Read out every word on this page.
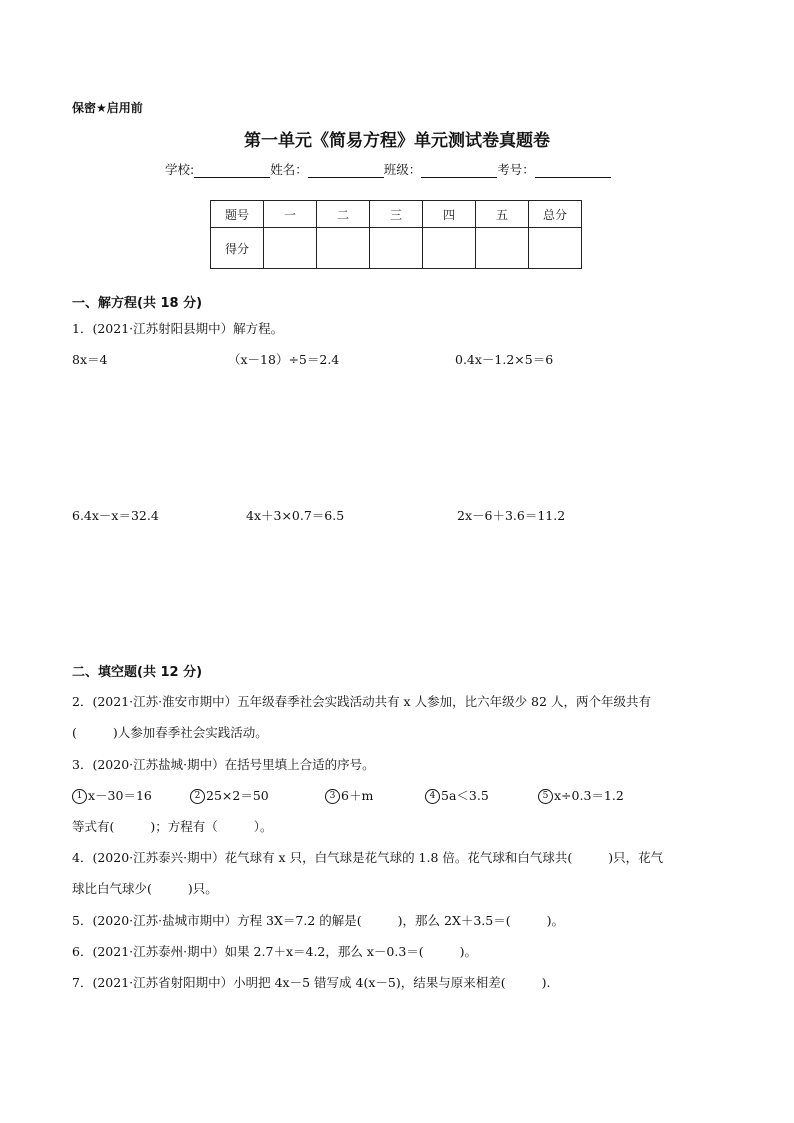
保密★启用前
第一单元《简易方程》单元测试卷真题卷
学校:	姓名：	班级：	考号：
题号	一	二	三	四	五	总分
得分						
一、解方程(共 18 分)
1．(2021·江苏射阳县期中）解方程。
8x＝4	（x－18）÷5＝2.4	0.4x－1.2×5＝6
6.4x－x＝32.4	4x＋3×0.7＝6.5	2x－6＋3.6＝11.2
二、填空题(共 12 分)
2．(2021·江苏·淮安市期中）五年级春季社会实践活动共有 x 人参加，比六年级少 82 人，两个年级共有
(	)人参加春季社会实践活动。
3．(2020·江苏盐城·期中）在括号里填上合适的序号。
1 x－30＝16	2 25×2＝50	3 6＋m	4 5a＜3.5	5 x÷0.3＝1.2
等式有(	)；方程有（	）。
4．(2020·江苏泰兴·期中）花气球有 x 只，白气球是花气球的 1.8 倍。花气球和白气球共(	)只，花气
球比白气球少(	)只。
5．(2020·江苏·盐城市期中）方程 3X＝7.2 的解是(	)，那么 2X＋3.5＝(	)。
6．(2021·江苏泰州·期中）如果 2.7＋x＝4.2，那么 x－0.3＝(	)。
7．(2021·江苏省射阳期中）小明把 4x－5 错写成 4(x－5)，结果与原来相差(	).
